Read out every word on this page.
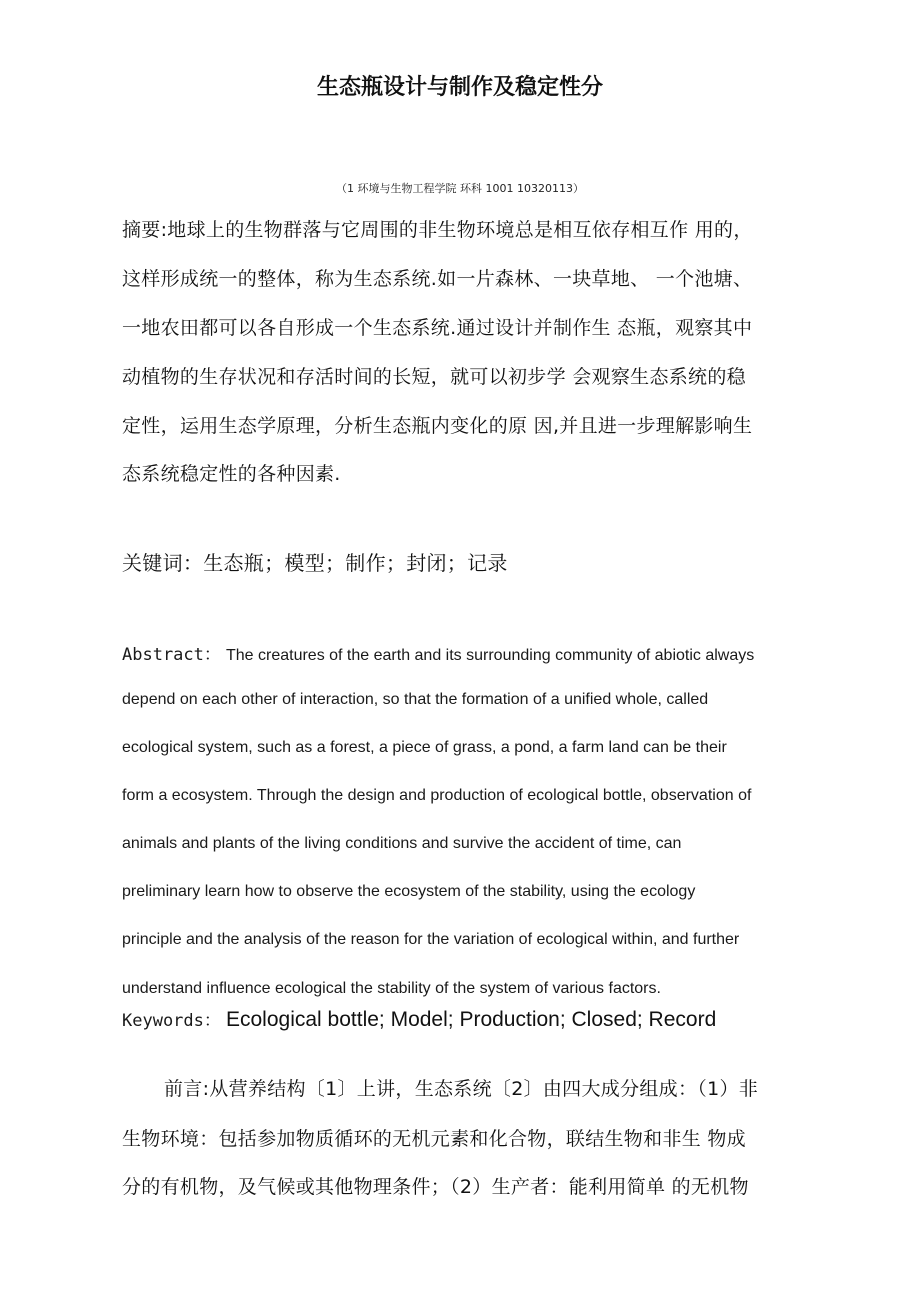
生态瓶设计与制作及稳定性分

（1 环境与生物工程学院 环科 1001 10320113）

摘要:地球上的生物群落与它周围的非生物环境总是相互依存相互作 用的，

这样形成统一的整体，称为生态系统.如一片森林、一块草地、 一个池塘、

一地农田都可以各自形成一个生态系统.通过设计并制作生 态瓶，观察其中

动植物的生存状况和存活时间的长短，就可以初步学 会观察生态系统的稳

定性，运用生态学原理，分析生态瓶内变化的原 因,并且进一步理解影响生

态系统稳定性的各种因素.

关键词：生态瓶；模型；制作；封闭；记录

Abstract： The creatures of the earth and its surrounding community of abiotic always

depend on each other of interaction, so that the formation of a unified whole, called

ecological system, such as a forest, a piece of grass, a pond, a farm land can be their

form a ecosystem. Through the design and production of ecological bottle, observation of

animals and plants of the living conditions and survive the accident of time, can

preliminary learn how to observe the ecosystem of the stability, using the ecology

principle and the analysis of the reason for the variation of ecological within, and further

understand influence ecological the stability of the system of various factors.

Keywords： Ecological bottle; Model; Production; Closed; Record

前言:从营养结构〔1〕上讲，生态系统〔2〕由四大成分组成：（1）非

生物环境：包括参加物质循环的无机元素和化合物，联结生物和非生 物成

分的有机物，及气候或其他物理条件；（2）生产者：能利用简单 的无机物
